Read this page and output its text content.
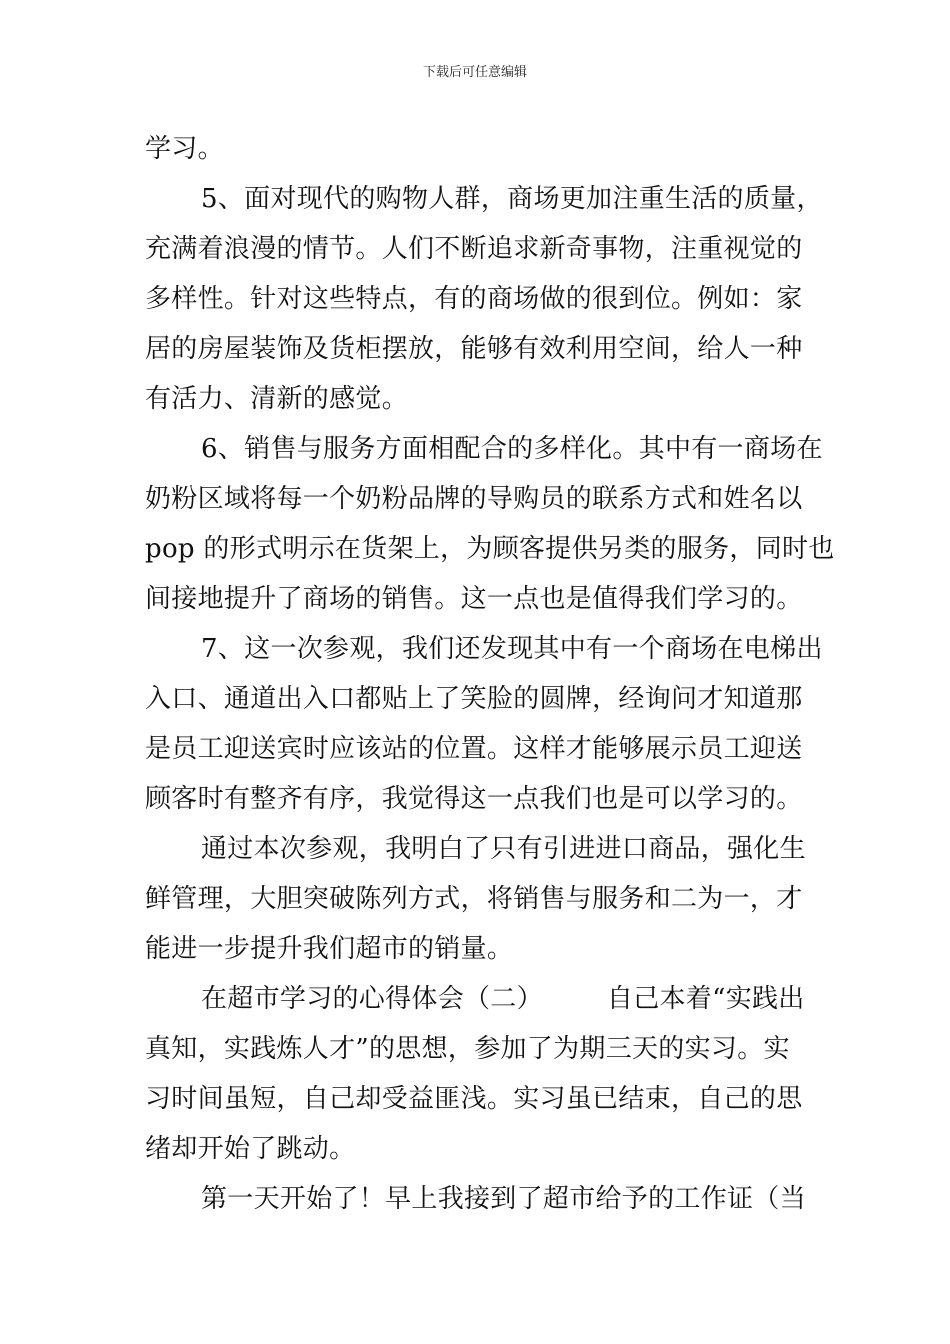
下载后可任意编辑
学习。
5、面对现代的购物人群，商场更加注重生活的质量，
充满着浪漫的情节。人们不断追求新奇事物，注重视觉的
多样性。针对这些特点，有的商场做的很到位。例如：家
居的房屋装饰及货柜摆放，能够有效利用空间，给人一种
有活力、清新的感觉。
6、销售与服务方面相配合的多样化。其中有一商场在
奶粉区域将每一个奶粉品牌的导购员的联系方式和姓名以
pop 的形式明示在货架上，为顾客提供另类的服务，同时也
间接地提升了商场的销售。这一点也是值得我们学习的。
7、这一次参观，我们还发现其中有一个商场在电梯出
入口、通道出入口都贴上了笑脸的圆牌，经询问才知道那
是员工迎送宾时应该站的位置。这样才能够展示员工迎送
顾客时有整齐有序，我觉得这一点我们也是可以学习的。
通过本次参观，我明白了只有引进进口商品，强化生
鲜管理，大胆突破陈列方式，将销售与服务和二为一，才
能进一步提升我们超市的销量。
在超市学习的心得体会（二） 自己本着“实践出
真知，实践炼人才”的思想，参加了为期三天的实习。实
习时间虽短，自己却受益匪浅。实习虽已结束，自己的思
绪却开始了跳动。
第一天开始了！早上我接到了超市给予的工作证（当
